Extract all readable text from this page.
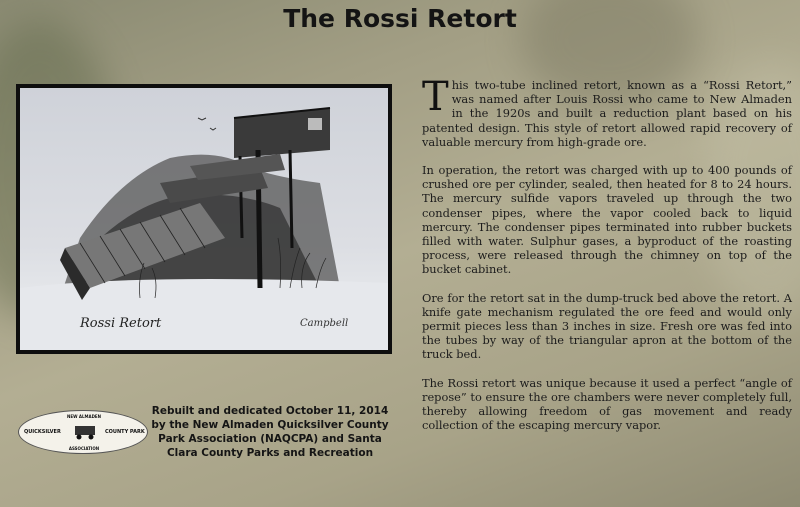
The Rossi Retort
Rossi Retort	Campbell
NEW ALMADEN
QUICKSILVER	COUNTY PARK
ASSOCIATION
Rebuilt and dedicated October 11, 2014 by the New Almaden Quicksilver County Park Association (NAQCPA) and Santa Clara County Parks and Recreation

This two-tube inclined retort, known as a “Rossi Retort,” was named after Louis Rossi who came to New Almaden in the 1920s and built a reduction plant based on his patented design. This style of retort allowed rapid recovery of valuable mercury from high-grade ore.

In operation, the retort was charged with up to 400 pounds of crushed ore per cylinder, sealed, then heated for 8 to 24 hours. The mercury sulfide vapors traveled up through the two condenser pipes, where the vapor cooled back to liquid mercury. The condenser pipes terminated into rubber buckets filled with water. Sulphur gases, a byproduct of the roasting process, were released through the chimney on top of the bucket cabinet.

Ore for the retort sat in the dump-truck bed above the retort. A knife gate mechanism regulated the ore feed and would only permit pieces less than 3 inches in size. Fresh ore was fed into the tubes by way of the triangular apron at the bottom of the truck bed.

The Rossi retort was unique because it used a perfect “angle of repose” to ensure the ore chambers were never completely full, thereby allowing freedom of gas movement and ready collection of the escaping mercury vapor.
